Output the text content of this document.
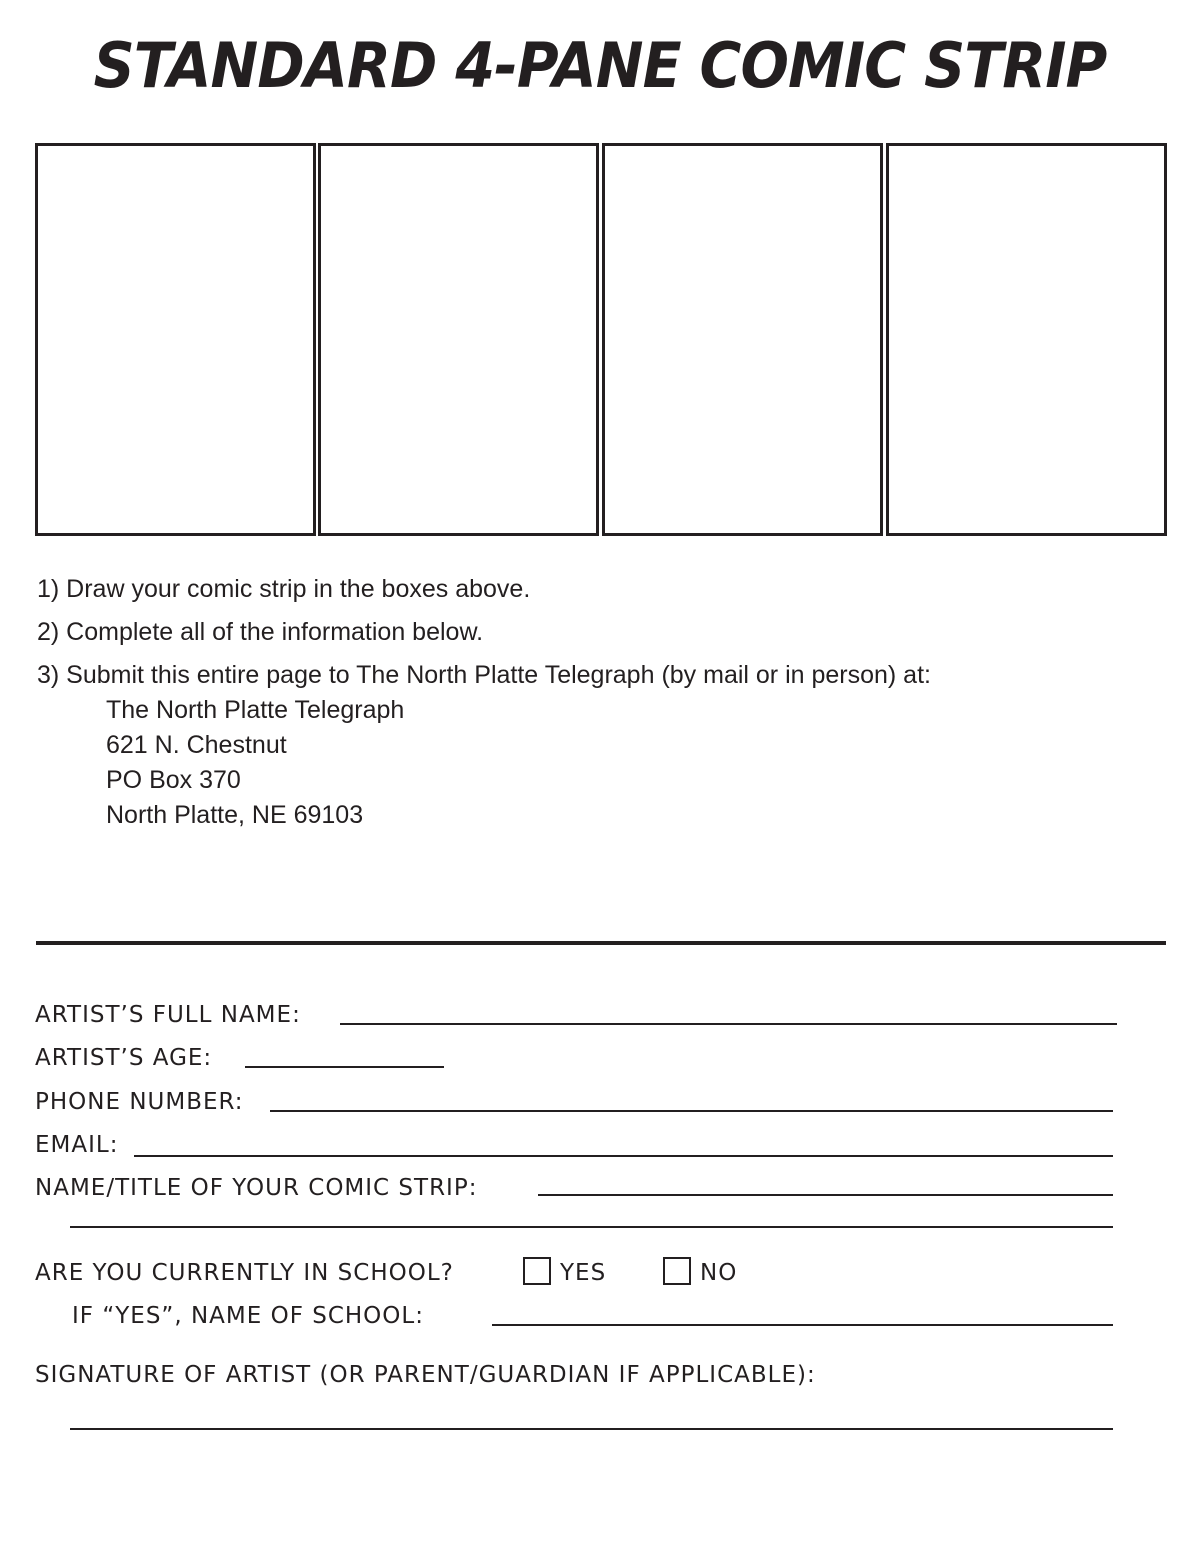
STANDARD 4-PANE COMIC STRIP
1) Draw your comic strip in the boxes above.
2) Complete all of the information below.
3) Submit this entire page to The North Platte Telegraph (by mail or in person) at:
The North Platte Telegraph
621 N. Chestnut
PO Box 370
North Platte, NE 69103
ARTIST’S FULL NAME:
ARTIST’S AGE:
PHONE NUMBER:
EMAIL:
NAME/TITLE OF YOUR COMIC STRIP:
ARE YOU CURRENTLY IN SCHOOL?	YES	NO
IF “YES”, NAME OF SCHOOL:
SIGNATURE OF ARTIST (OR PARENT/GUARDIAN IF APPLICABLE):
